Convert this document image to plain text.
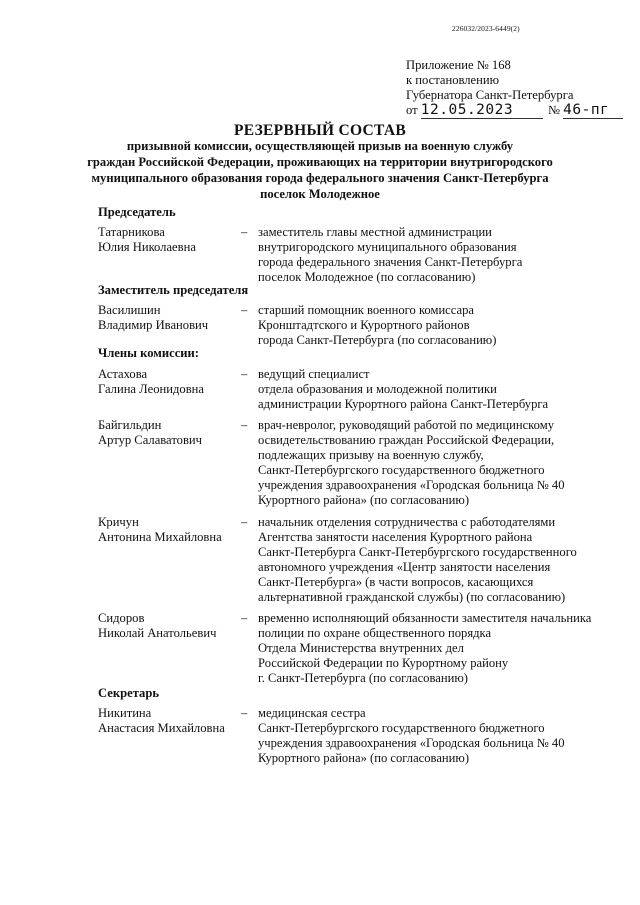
226032/2023-6449(2)
Приложение № 168
к постановлению
Губернатора Санкт-Петербурга
от 12.05.2023	№ 46-пг
РЕЗЕРВНЫЙ СОСТАВ
призывной комиссии, осуществляющей призыв на военную службу
граждан Российской Федерации, проживающих на территории внутригородского
муниципального образования города федерального значения Санкт-Петербурга
поселок Молодежное
Председатель
Татарникова
Юлия Николаевна
– заместитель главы местной администрации
внутригородского муниципального образования
города федерального значения Санкт-Петербурга
поселок Молодежное (по согласованию)
Заместитель председателя
Василишин
Владимир Иванович
– старший помощник военного комиссара
Кронштадтского и Курортного районов
города Санкт-Петербурга (по согласованию)
Члены комиссии:
Астахова
Галина Леонидовна
– ведущий специалист
отдела образования и молодежной политики
администрации Курортного района Санкт-Петербурга
Байгильдин
Артур Салаватович
– врач-невролог, руководящий работой по медицинскому
освидетельствованию граждан Российской Федерации,
подлежащих призыву на военную службу,
Санкт-Петербургского государственного бюджетного
учреждения здравоохранения «Городская больница № 40
Курортного района» (по согласованию)
Кричун
Антонина Михайловна
– начальник отделения сотрудничества с работодателями
Агентства занятости населения Курортного района
Санкт-Петербурга Санкт-Петербургского государственного
автономного учреждения «Центр занятости населения
Санкт-Петербурга» (в части вопросов, касающихся
альтернативной гражданской службы) (по согласованию)
Сидоров
Николай Анатольевич
– временно исполняющий обязанности заместителя начальника
полиции по охране общественного порядка
Отдела Министерства внутренних дел
Российской Федерации по Курортному району
г. Санкт-Петербурга (по согласованию)
Секретарь
Никитина
Анастасия Михайловна
– медицинская сестра
Санкт-Петербургского государственного бюджетного
учреждения здравоохранения «Городская больница № 40
Курортного района» (по согласованию)
